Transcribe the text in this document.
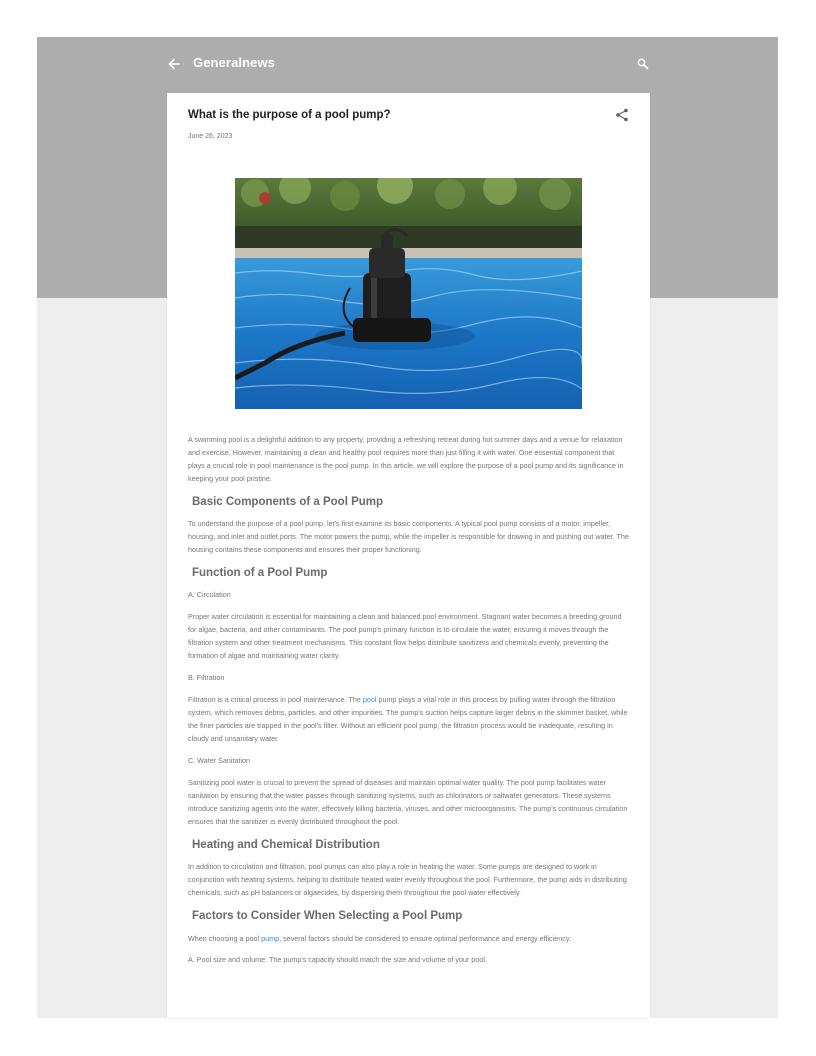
Generalnews
What is the purpose of a pool pump?
June 26, 2023

A swimming pool is a delightful addition to any property, providing a refreshing retreat during hot summer days and a venue for relaxation and exercise. However, maintaining a clean and healthy pool requires more than just filling it with water. One essential component that plays a crucial role in pool maintenance is the pool pump. In this article, we will explore the purpose of a pool pump and its significance in keeping your pool pristine.

Basic Components of a Pool Pump

To understand the purpose of a pool pump, let's first examine its basic components. A typical pool pump consists of a motor, impeller, housing, and inlet and outlet ports. The motor powers the pump, while the impeller is responsible for drawing in and pushing out water. The housing contains these components and ensures their proper functioning.

Function of a Pool Pump

A. Circulation

Proper water circulation is essential for maintaining a clean and balanced pool environment. Stagnant water becomes a breeding ground for algae, bacteria, and other contaminants. The pool pump's primary function is to circulate the water, ensuring it moves through the filtration system and other treatment mechanisms. This constant flow helps distribute sanitizers and chemicals evenly, preventing the formation of algae and maintaining water clarity.

B. Filtration

Filtration is a critical process in pool maintenance. The pool pump plays a vital role in this process by pulling water through the filtration system, which removes debris, particles, and other impurities. The pump's suction helps capture larger debris in the skimmer basket, while the finer particles are trapped in the pool's filter. Without an efficient pool pump, the filtration process would be inadequate, resulting in cloudy and unsanitary water.

C. Water Sanitation

Sanitizing pool water is crucial to prevent the spread of diseases and maintain optimal water quality. The pool pump facilitates water sanitation by ensuring that the water passes through sanitizing systems, such as chlorinators or saltwater generators. These systems introduce sanitizing agents into the water, effectively killing bacteria, viruses, and other microorganisms. The pump's continuous circulation ensures that the sanitizer is evenly distributed throughout the pool.

Heating and Chemical Distribution

In addition to circulation and filtration, pool pumps can also play a role in heating the water. Some pumps are designed to work in conjunction with heating systems, helping to distribute heated water evenly throughout the pool. Furthermore, the pump aids in distributing chemicals, such as pH balancers or algaecides, by dispersing them throughout the pool water effectively.

Factors to Consider When Selecting a Pool Pump

When choosing a pool pump, several factors should be considered to ensure optimal performance and energy efficiency:

A. Pool size and volume: The pump's capacity should match the size and volume of your pool.
